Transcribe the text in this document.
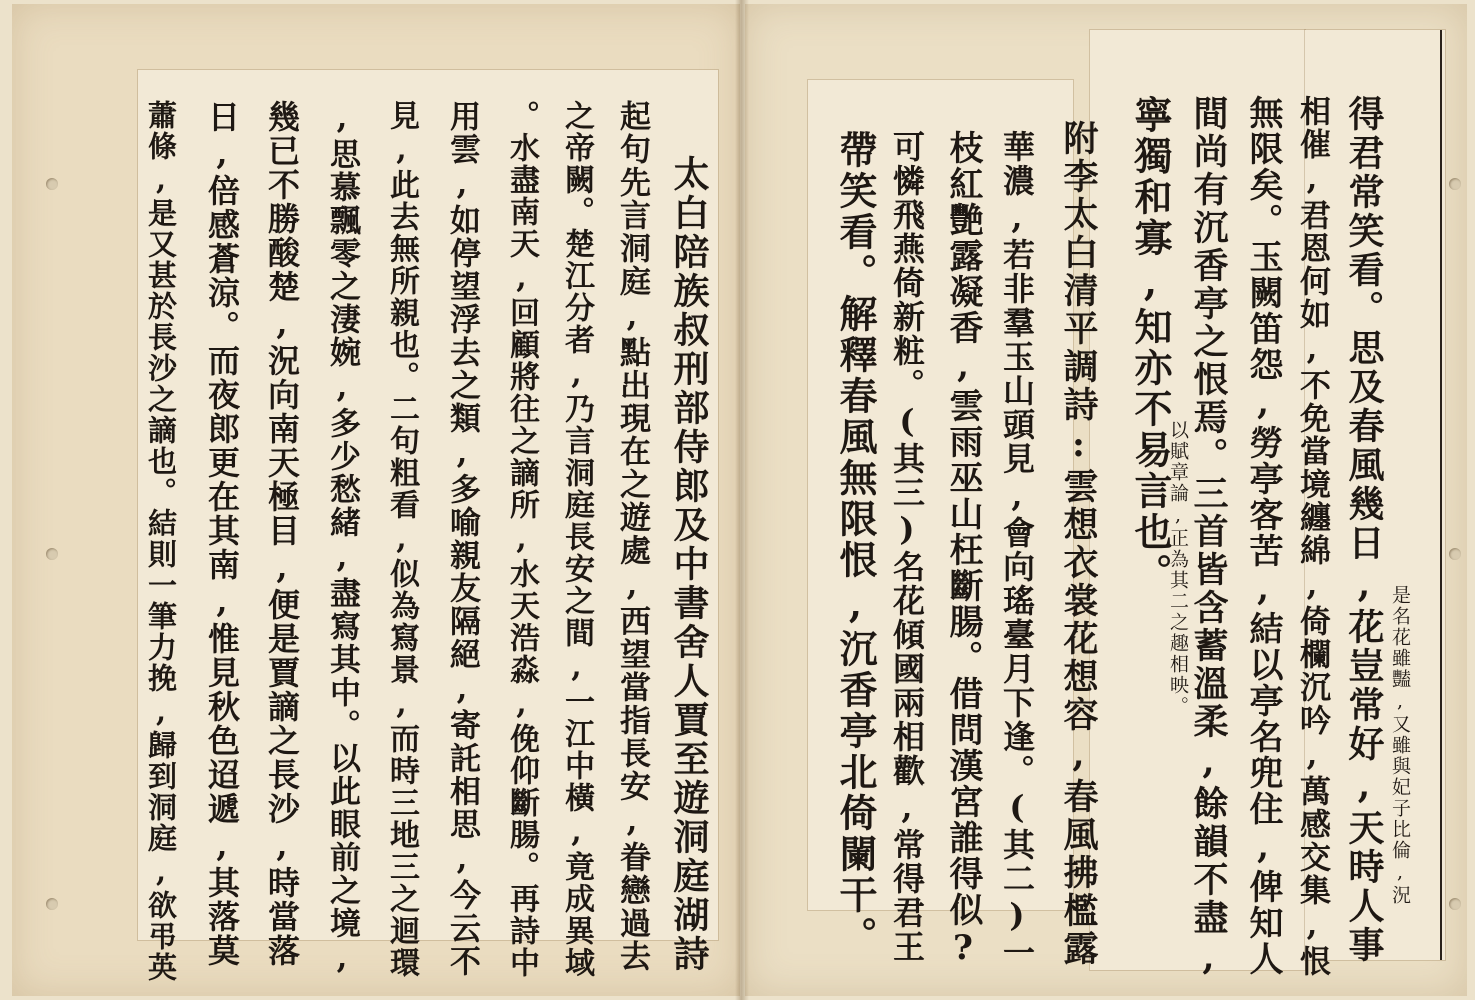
是名花雖豔,又雖與妃子比倫,況
得君常笑看。思及春風幾日,花豈常好,天時人事
相催,君恩何如,不免當境纏綿,倚欄沉吟,萬感交集,恨
無限矣。玉闕笛怨,勞亭客苦,結以亭名兜住,俾知人
間尚有沉香亭之恨焉。三首皆含蓄溫柔,餘韻不盡,
以賦章論,正為其二之趣相映。
寧獨和寡,知亦不易言也。
附李太白清平調詩:雲想衣裳花想容,春風拂檻露
華濃,若非羣玉山頭見,會向瑤臺月下逢。(其二)一
枝紅艷露凝香,雲雨巫山枉斷腸。借問漢宮誰得似?
可憐飛燕倚新粧。(其三)名花傾國兩相歡,常得君王
帶笑看。解釋春風無限恨,沉香亭北倚闌干。
太白陪族叔刑部侍郎及中書舍人賈至遊洞庭湖詩
起句先言洞庭,點出現在之遊處,西望當指長安,眷戀過去
之帝闕。楚江分者,乃言洞庭長安之間,一江中橫,竟成異域
。水盡南天,回顧將往之謫所,水天浩淼,俛仰斷腸。再詩中
用雲,如停望浮去之類,多喻親友隔絕,寄託相思,今云不
見,此去無所親也。二句粗看,似為寫景,而時三地三之迴環
,思慕飄零之淒婉,多少愁緒,盡寫其中。以此眼前之境,
幾已不勝酸楚,況向南天極目,便是賈謫之長沙,時當落
日,倍感蒼涼。而夜郎更在其南,惟見秋色迢遞,其落莫
蕭條,是又甚於長沙之謫也。結則一筆力挽,歸到洞庭,欲弔英
